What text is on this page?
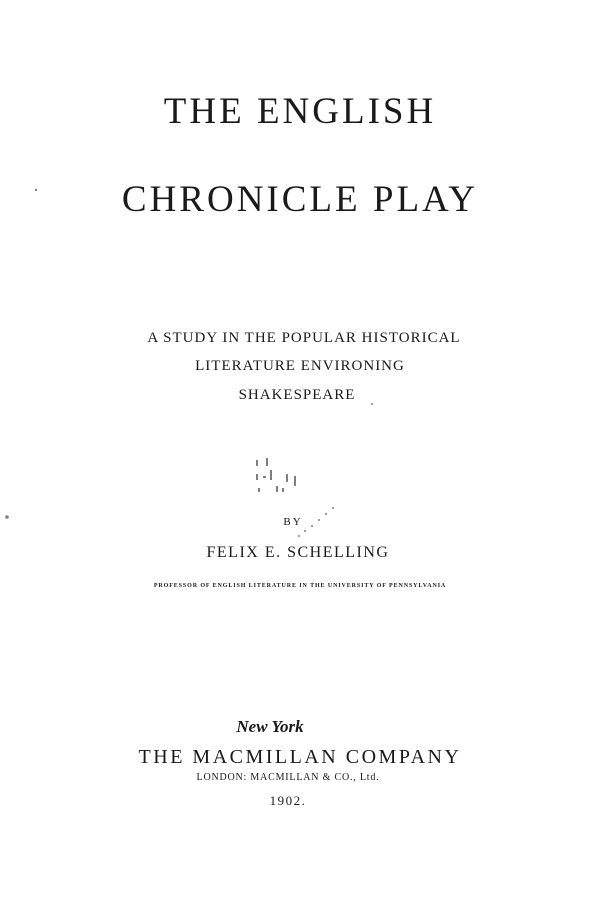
THE ENGLISH
CHRONICLE PLAY
A STUDY IN THE POPULAR HISTORICAL
LITERATURE ENVIRONING
SHAKESPEARE
BY
FELIX E. SCHELLING
PROFESSOR OF ENGLISH LITERATURE IN THE UNIVERSITY OF PENNSYLVANIA
New York
THE MACMILLAN COMPANY
LONDON: MACMILLAN & CO., Ltd.
1902.
